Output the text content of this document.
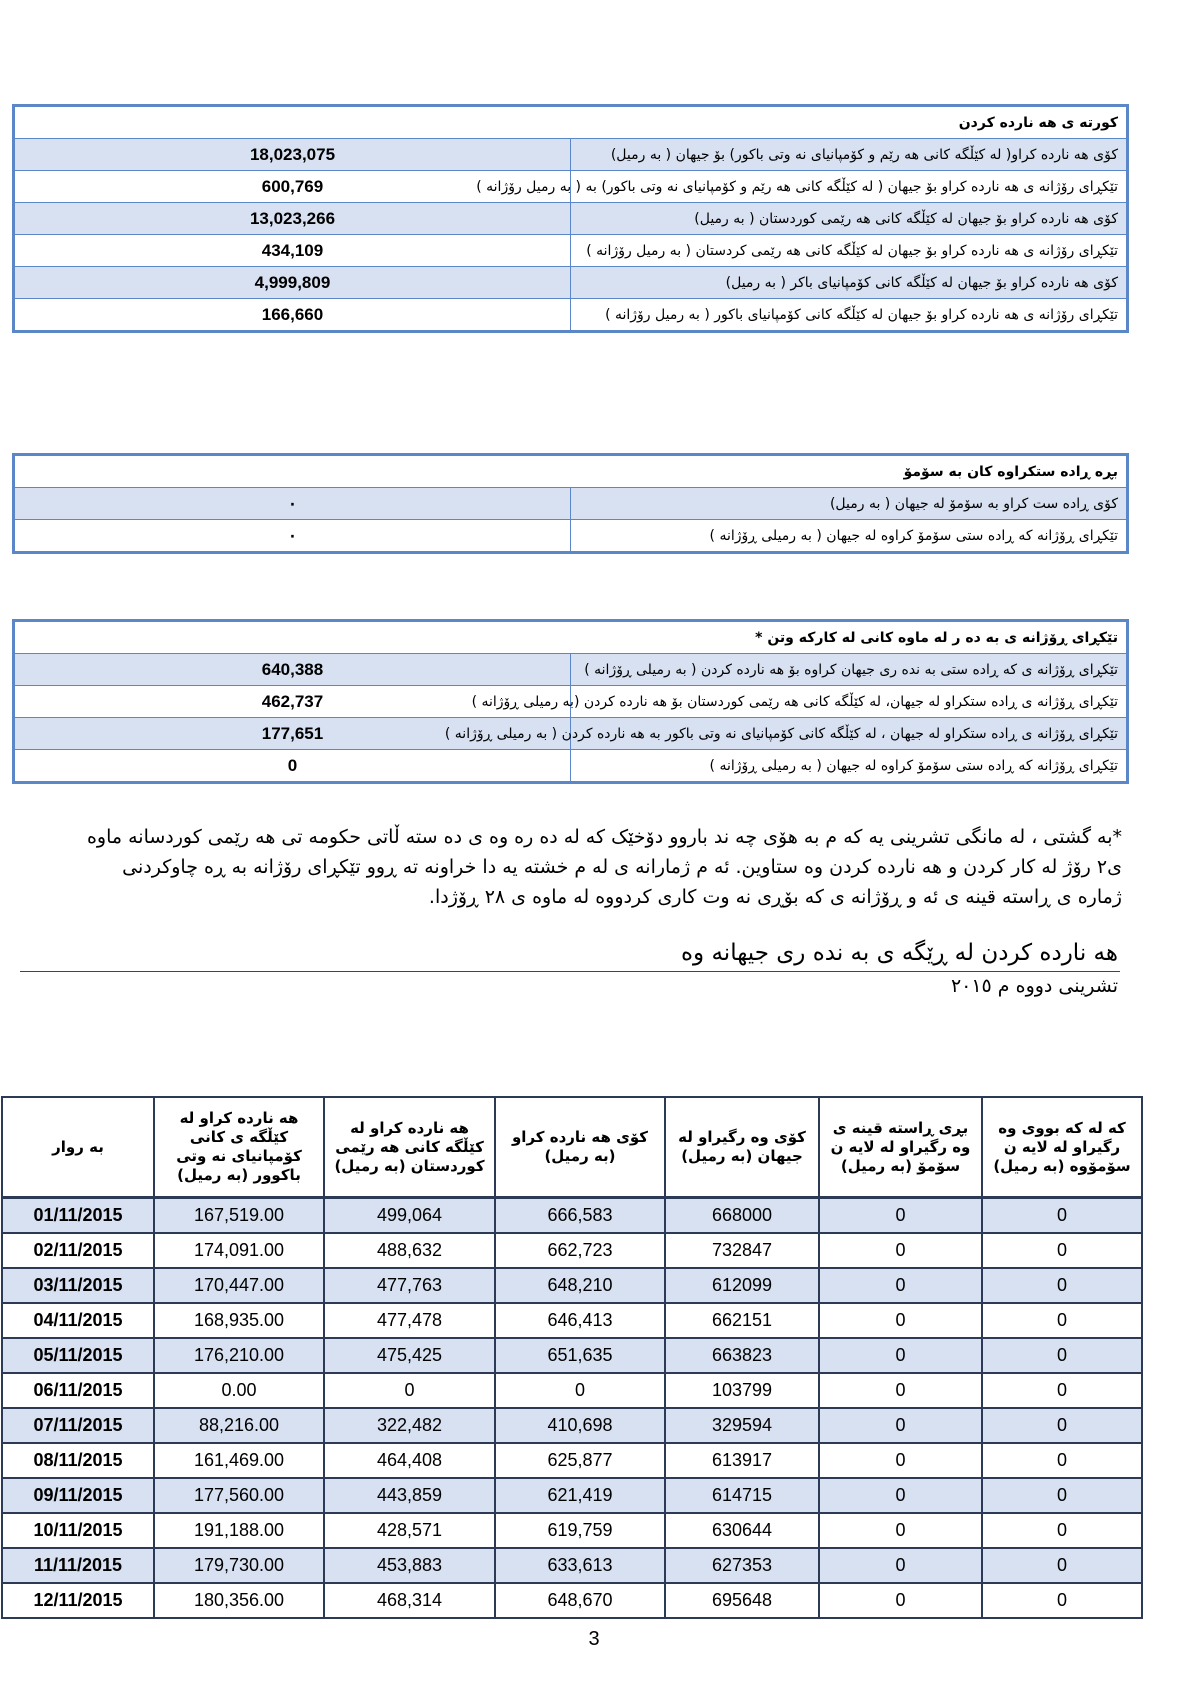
کورته ی هه ناردە کردن	
18,023,075	کۆی هه ناردە کراو( له کێڵگه کانی هه رێم و کۆمپانیای نه وتی باکور) بۆ جیهان ( به رمیل)
600,769	تێکڕای رۆژانه ی هه ناردە کراو بۆ جیهان ( له کێڵگه کانی هه رێم و کۆمپانیای نه وتی باکور) به ( به رمیل رۆژانه )
13,023,266	کۆی هه ناردە کراو بۆ جیهان له کێڵگه کانی هه رێمی کوردستان ( به رمیل)
434,109	تێکڕای رۆژانه ی هه ناردە کراو بۆ جیهان له کێڵگه کانی هه رێمی کردستان ( به رمیل رۆژانه )
4,999,809	کۆی هه ناردە کراو بۆ جیهان له کێڵگه کانی کۆمپانیای باکر ( به رمیل)
166,660	تێکڕای رۆژانه ی هه ناردە کراو بۆ جیهان له کێڵگه کانی کۆمپانیای باکور ( به رمیل رۆژانه )
بڕه ڕاده ستکراوه کان به سۆمۆ	
٠	کۆی ڕاده ست کراو به سۆمۆ له جیهان ( به رمیل)
٠	تێکڕای ڕۆژانه که ڕاده ستی سۆمۆ کراوه له جیهان ( به رمیلی ڕۆژانه )
تێکڕای ڕۆژانه ی به ده ر له ماوه کانی له کارکه وتن *	
640,388	تێکڕای ڕۆژانه ی که ڕاده ستی به نده ری جیهان کراوه بۆ هه ناردە کردن ( به رمیلی ڕۆژانه )
462,737	تێکڕای ڕۆژانه ی ڕاده ستکراو له جیهان، له کێڵگه کانی هه رێمی کوردستان بۆ هه ناردە کردن (به رمیلی ڕۆژانه )
177,651	تێکڕای ڕۆژانه ی ڕاده ستکراو له جیهان ، له کێڵگه کانی کۆمپانیای نه وتی باکور به هه ناردە کردن ( به رمیلی ڕۆژانه )
0	تێکڕای ڕۆژانه که ڕاده ستی سۆمۆ کراوه له جیهان ( به رمیلی ڕۆژانه )
*به گشتی ، له مانگی تشرینی یه که م به هۆی چه ند باروو دۆخێک که له ده ره وه ی ده سته ڵاتی حکومه تی هه رێمی کوردسانه ماوه
ی٢ رۆژ له کار کردن و هه ناردە کردن وه ستاوین. ئه م ژمارانه ی له م خشته یه دا خراونه ته ڕوو تێکڕای رۆژانه به ڕه چاوکردنی
ژماره ی ڕاسته قینه ی ئه و ڕۆژانه ی که بۆڕی نه وت کاری کردووه له ماوه ی ٢٨ ڕۆژدا.
هه ناردە کردن له ڕێگه ی به نده ری جیهانه وه
تشرینی دووه م ٢٠١٥
به روار	هه ناردە کراو له کێڵگه ی کانی کۆمپانیای نه وتی باکوور (به رمیل)	هه ناردە کراو له کێڵگه کانی هه رێمی کوردستان (به رمیل)	کۆی هه ناردە کراو (به رمیل)	کۆی وه رگیراو له جیهان (به رمیل)	بڕی ڕاسته قینه ی وه رگیراو له لایه ن سۆمۆ (به رمیل)	که له که بووی وه رگیراو له لایه ن سۆمۆوه (به رمیل)
01/11/2015	167,519.00	499,064	666,583	668000	0	0
02/11/2015	174,091.00	488,632	662,723	732847	0	0
03/11/2015	170,447.00	477,763	648,210	612099	0	0
04/11/2015	168,935.00	477,478	646,413	662151	0	0
05/11/2015	176,210.00	475,425	651,635	663823	0	0
06/11/2015	0.00	0	0	103799	0	0
07/11/2015	88,216.00	322,482	410,698	329594	0	0
08/11/2015	161,469.00	464,408	625,877	613917	0	0
09/11/2015	177,560.00	443,859	621,419	614715	0	0
10/11/2015	191,188.00	428,571	619,759	630644	0	0
11/11/2015	179,730.00	453,883	633,613	627353	0	0
12/11/2015	180,356.00	468,314	648,670	695648	0	0
3
